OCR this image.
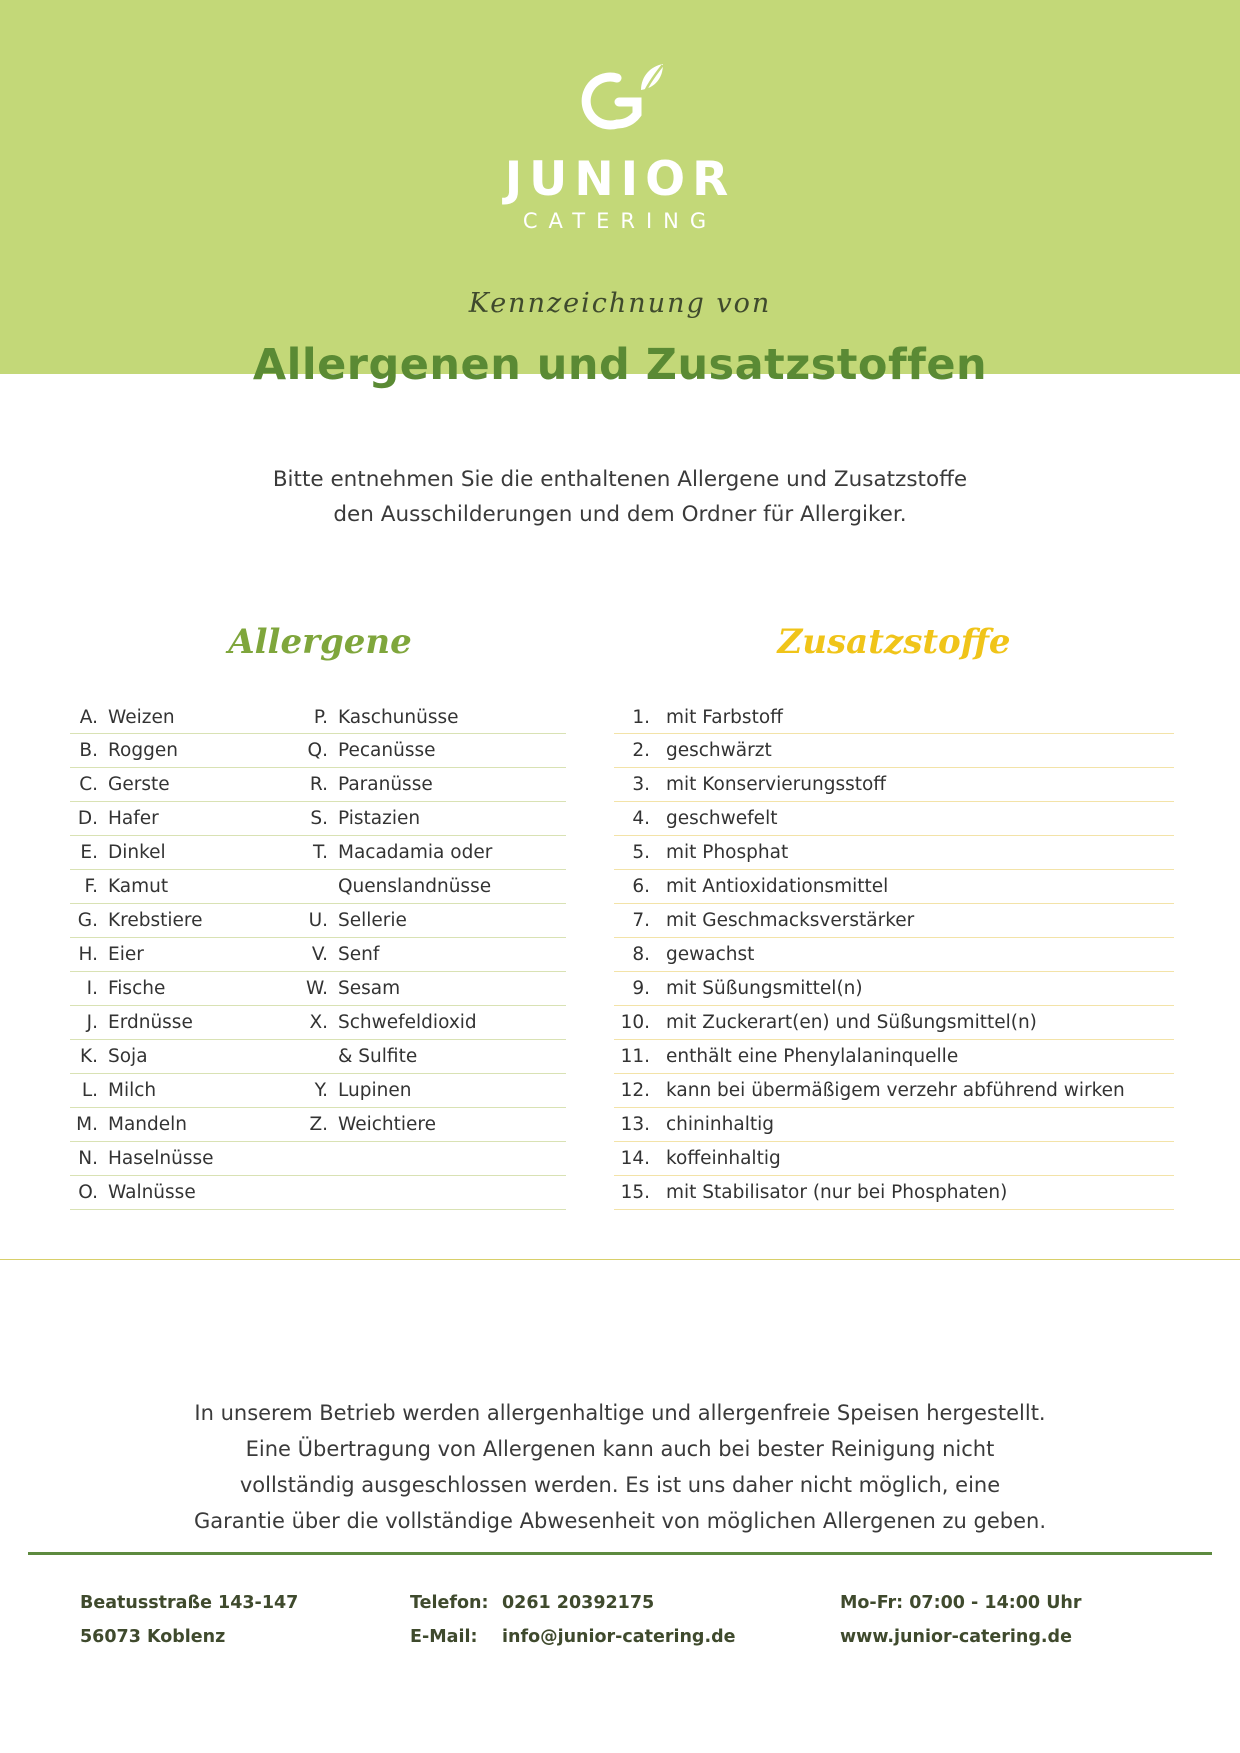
JUNIOR
CATERING
Kennzeichnung von
Allergenen und Zusatzstoffen
Bitte entnehmen Sie die enthaltenen Allergene und Zusatzstoffe
den Ausschilderungen und dem Ordner für Allergiker.
Allergene	Zusatzstoffe
A. Weizen	P. Kaschunüsse
B. Roggen	Q. Pecanüsse
C. Gerste	R. Paranüsse
D. Hafer	S. Pistazien
E. Dinkel	T. Macadamia oder
F. Kamut	Quenslandnüsse
G. Krebstiere	U. Sellerie
H. Eier	V. Senf
I. Fische	W. Sesam
J. Erdnüsse	X. Schwefeldioxid
K. Soja	& Sulfite
L. Milch	Y. Lupinen
M. Mandeln	Z. Weichtiere
N. Haselnüsse
O. Walnüsse
1. mit Farbstoff
2. geschwärzt
3. mit Konservierungsstoff
4. geschwefelt
5. mit Phosphat
6. mit Antioxidationsmittel
7. mit Geschmacksverstärker
8. gewachst
9. mit Süßungsmittel(n)
10. mit Zuckerart(en) und Süßungsmittel(n)
11. enthält eine Phenylalaninquelle
12. kann bei übermäßigem verzehr abführend wirken
13. chininhaltig
14. koffeinhaltig
15. mit Stabilisator (nur bei Phosphaten)
In unserem Betrieb werden allergenhaltige und allergenfreie Speisen hergestellt.
Eine Übertragung von Allergenen kann auch bei bester Reinigung nicht
vollständig ausgeschlossen werden. Es ist uns daher nicht möglich, eine
Garantie über die vollständige Abwesenheit von möglichen Allergenen zu geben.
Beatusstraße 143-147
56073 Koblenz
Telefon: 0261 20392175
E-Mail: info@junior-catering.de
Mo-Fr: 07:00 - 14:00 Uhr
www.junior-catering.de
